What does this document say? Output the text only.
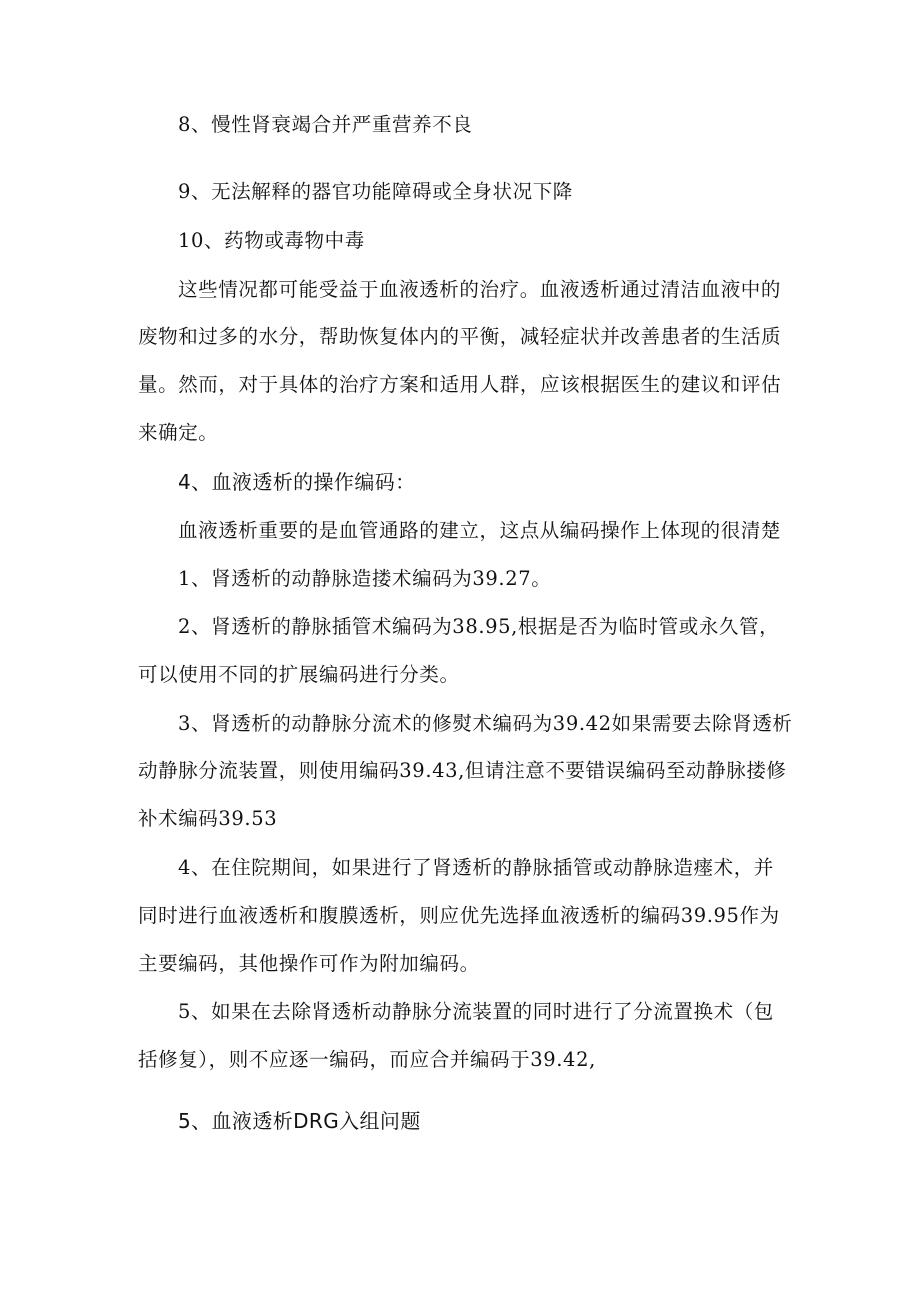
8、慢性肾衰竭合并严重营养不良
9、无法解释的器官功能障碍或全身状况下降
10、药物或毒物中毒
这些情况都可能受益于血液透析的治疗。血液透析通过清洁血液中的
废物和过多的水分，帮助恢复体内的平衡，减轻症状并改善患者的生活质
量。然而，对于具体的治疗方案和适用人群，应该根据医生的建议和评估
来确定。
4、血液透析的操作编码：
血液透析重要的是血管通路的建立，这点从编码操作上体现的很清楚
1、肾透析的动静脉造搂术编码为39.27。
2、肾透析的静脉插管术编码为38.95,根据是否为临时管或永久管，
可以使用不同的扩展编码进行分类。
3、肾透析的动静脉分流术的修熨术编码为39.42如果需要去除肾透析
动静脉分流装置，则使用编码39.43,但请注意不要错误编码至动静脉搂修
补术编码39.53
4、在住院期间，如果进行了肾透析的静脉插管或动静脉造瘗术，并
同时进行血液透析和腹膜透析，则应优先选择血液透析的编码39.95作为
主要编码，其他操作可作为附加编码。
5、如果在去除肾透析动静脉分流装置的同时进行了分流置换术（包
括修复），则不应逐一编码，而应合并编码于39.42,
5、血液透析DRG入组问题
